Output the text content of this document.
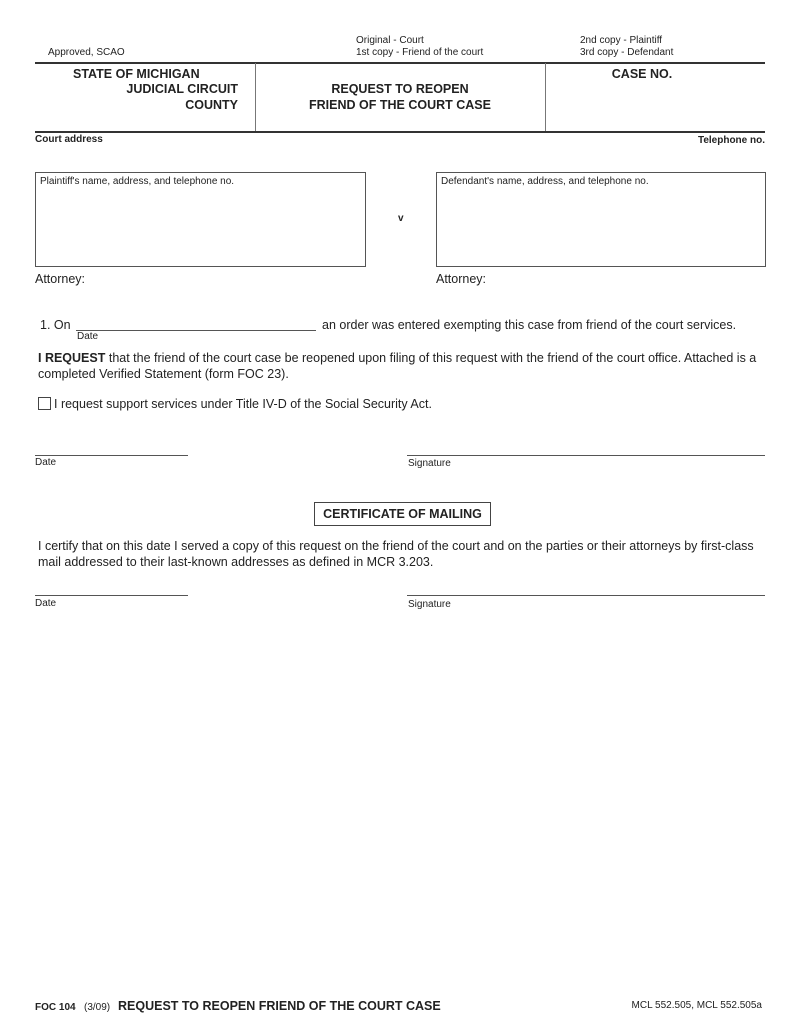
Approved, SCAO
Original - Court
1st copy - Friend of the court
2nd copy - Plaintiff
3rd copy - Defendant
STATE OF MICHIGAN
JUDICIAL CIRCUIT
COUNTY
REQUEST TO REOPEN
FRIEND OF THE COURT CASE
CASE NO.
Court address	Telephone no.
Plaintiff's name, address, and telephone no.
v
Defendant's name, address, and telephone no.
Attorney:	Attorney:
1. On
Date
an order was entered exempting this case from friend of the court services.
I REQUEST that the friend of the court case be reopened upon filing of this request with the friend of the court office. Attached is a completed Verified Statement (form FOC 23).
I request support services under Title IV-D of the Social Security Act.
Date	Signature
CERTIFICATE OF MAILING
I certify that on this date I served a copy of this request on the friend of the court and on the parties or their attorneys by first-class mail addressed to their last-known addresses as defined in MCR 3.203.
Date	Signature
FOC 104 (3/09) REQUEST TO REOPEN FRIEND OF THE COURT CASE	MCL 552.505, MCL 552.505a
